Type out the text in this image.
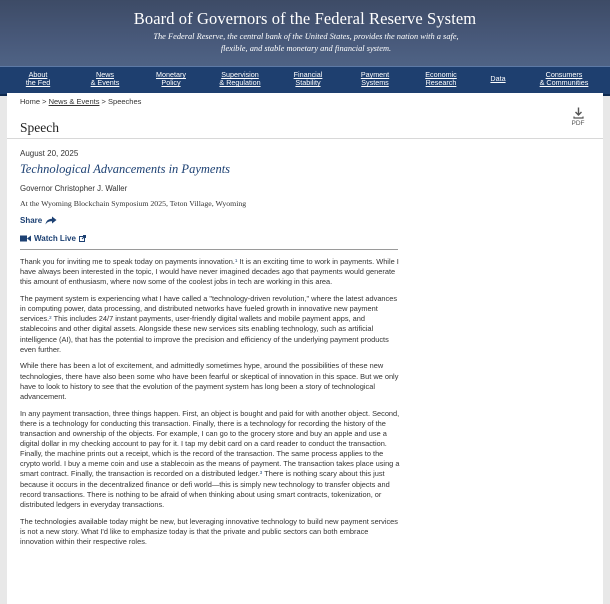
Board of Governors of the Federal Reserve System
The Federal Reserve, the central bank of the United States, provides the nation with a safe, flexible, and stable monetary and financial system.
About
the Fed
News
& Events
Monetary
Policy
Supervision
& Regulation
Financial
Stability
Payment
Systems
Economic
Research	Data	Consumers
& Communities
Home > News & Events > Speeches
Speech	PDF
August 20, 2025
Technological Advancements in Payments
Governor Christopher J. Waller
At the Wyoming Blockchain Symposium 2025, Teton Village, Wyoming
Share
Watch Live

Thank you for inviting me to speak today on payments innovation.$^1$ It is an exciting time to work in payments. While I have always been interested in the topic, I would have never imagined decades ago that payments would generate this amount of enthusiasm, where now some of the coolest jobs in tech are working in this area.

The payment system is experiencing what I have called a "technology-driven revolution," where the latest advances in computing power, data processing, and distributed networks have fueled growth in innovative new payment services.$^2$ This includes 24/7 instant payments, user-friendly digital wallets and mobile payment apps, and stablecoins and other digital assets. Alongside these new services sits enabling technology, such as artificial intelligence (AI), that has the potential to improve the precision and efficiency of the underlying payment products even further.

While there has been a lot of excitement, and admittedly sometimes hype, around the possibilities of these new technologies, there have also been some who have been fearful or skeptical of innovation in this space. But we only have to look to history to see that the evolution of the payment system has long been a story of technological advancement.

In any payment transaction, three things happen. First, an object is bought and paid for with another object. Second, there is a technology for conducting this transaction. Finally, there is a technology for recording the history of the transaction and ownership of the objects. For example, I can go to the grocery store and buy an apple and use a digital dollar in my checking account to pay for it. I tap my debit card on a card reader to conduct the transaction. Finally, the machine prints out a receipt, which is the record of the transaction. The same process applies to the crypto world. I buy a meme coin and use a stablecoin as the means of payment. The transaction takes place using a smart contract. Finally, the transaction is recorded on a distributed ledger.$^3$ There is nothing scary about this just because it occurs in the decentralized finance or defi world—this is simply new technology to transfer objects and record transactions. There is nothing to be afraid of when thinking about using smart contracts, tokenization, or distributed ledgers in everyday transactions.

The technologies available today might be new, but leveraging innovative technology to build new payment services is not a new story. What I'd like to emphasize today is that the private and public sectors can both embrace innovation within their respective roles.
